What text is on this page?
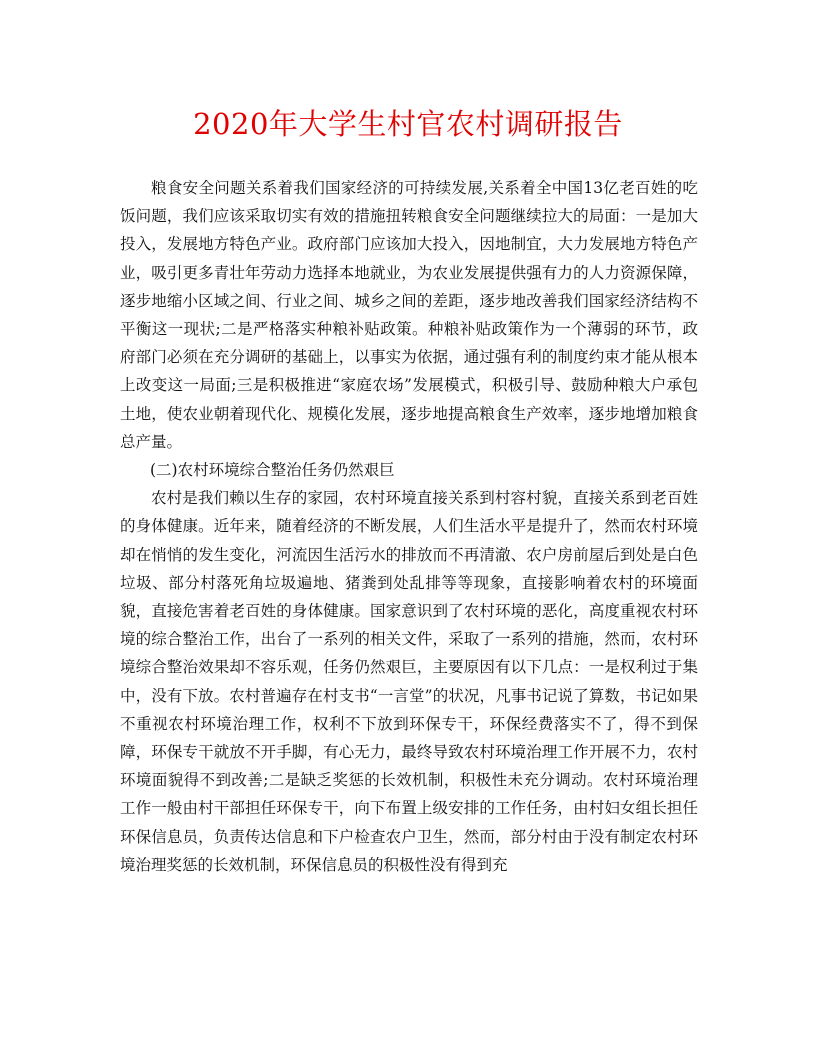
2020年大学生村官农村调研报告

粮食安全问题关系着我们国家经济的可持续发展,关系着全中国13亿老百姓的吃饭问题，我们应该采取切实有效的措施扭转粮食安全问题继续拉大的局面：一是加大投入，发展地方特色产业。政府部门应该加大投入，因地制宜，大力发展地方特色产业，吸引更多青壮年劳动力选择本地就业，为农业发展提供强有力的人力资源保障，逐步地缩小区域之间、行业之间、城乡之间的差距，逐步地改善我们国家经济结构不平衡这一现状;二是严格落实种粮补贴政策。种粮补贴政策作为一个薄弱的环节，政府部门必须在充分调研的基础上，以事实为依据，通过强有利的制度约束才能从根本上改变这一局面;三是积极推进“家庭农场”发展模式，积极引导、鼓励种粮大户承包土地，使农业朝着现代化、规模化发展，逐步地提高粮食生产效率，逐步地增加粮食总产量。

(二)农村环境综合整治任务仍然艰巨

农村是我们赖以生存的家园，农村环境直接关系到村容村貌，直接关系到老百姓的身体健康。近年来，随着经济的不断发展，人们生活水平是提升了，然而农村环境却在悄悄的发生变化，河流因生活污水的排放而不再清澈、农户房前屋后到处是白色垃圾、部分村落死角垃圾遍地、猪粪到处乱排等等现象，直接影响着农村的环境面貌，直接危害着老百姓的身体健康。国家意识到了农村环境的恶化，高度重视农村环境的综合整治工作，出台了一系列的相关文件，采取了一系列的措施，然而，农村环境综合整治效果却不容乐观，任务仍然艰巨，主要原因有以下几点：一是权利过于集中，没有下放。农村普遍存在村支书“一言堂”的状况，凡事书记说了算数，书记如果不重视农村环境治理工作，权利不下放到环保专干，环保经费落实不了，得不到保障，环保专干就放不开手脚，有心无力，最终导致农村环境治理工作开展不力，农村环境面貌得不到改善;二是缺乏奖惩的长效机制，积极性未充分调动。农村环境治理工作一般由村干部担任环保专干，向下布置上级安排的工作任务，由村妇女组长担任环保信息员，负责传达信息和下户检查农户卫生，然而，部分村由于没有制定农村环境治理奖惩的长效机制，环保信息员的积极性没有得到充
